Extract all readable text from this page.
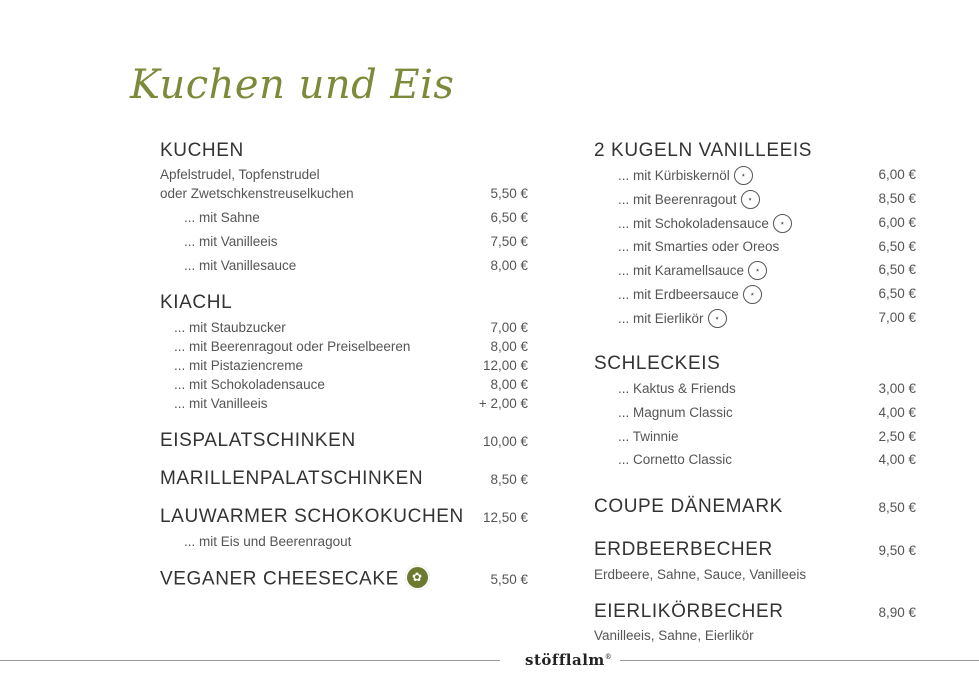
Kuchen und Eis
KUCHEN
Apfelstrudel, Topfenstrudel
oder Zwetschkenstreuselkuchen	5,50 €
... mit Sahne	6,50 €
... mit Vanilleeis	7,50 €
... mit Vanillesauce	8,00 €
KIACHL
... mit Staubzucker	7,00 €
... mit Beerenragout oder Preiselbeeren	8,00 €
... mit Pistaziencreme	12,00 €
... mit Schokoladensauce	8,00 €
... mit Vanilleeis	+ 2,00 €
EISPALATSCHINKEN	10,00 €
MARILLENPALATSCHINKEN	8,50 €
LAUWARMER SCHOKOKUCHEN	12,50 €
... mit Eis und Beerenragout
VEGANER CHEESECAKE ✿	5,50 €
2 KUGELN VANILLEEIS
... mit Kürbiskernöl ⋆	6,00 €
... mit Beerenragout ⋆	8,50 €
... mit Schokoladensauce ⋆	6,00 €
... mit Smarties oder Oreos	6,50 €
... mit Karamellsauce ⋆	6,50 €
... mit Erdbeersauce ⋆	6,50 €
... mit Eierlikör ⋆	7,00 €
SCHLECKEIS
... Kaktus & Friends	3,00 €
... Magnum Classic	4,00 €
... Twinnie	2,50 €
... Cornetto Classic	4,00 €
COUPE DÄNEMARK	8,50 €
ERDBEERBECHER	9,50 €
Erdbeere, Sahne, Sauce, Vanilleeis
EIERLIKÖRBECHER	8,90 €
Vanilleeis, Sahne, Eierlikör
stöfflalm®
